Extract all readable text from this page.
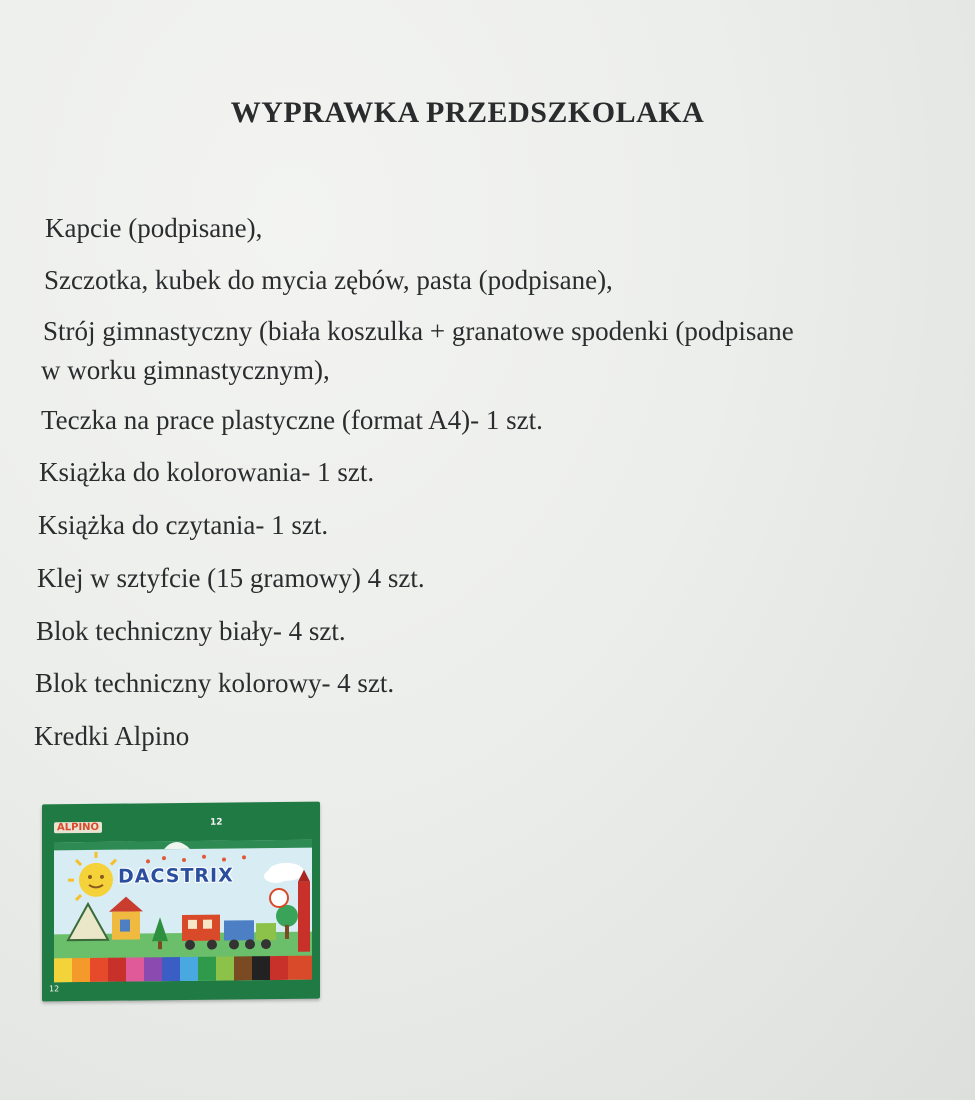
WYPRAWKA PRZEDSZKOLAKA
Kapcie (podpisane),
Szczotka, kubek do mycia zębów, pasta (podpisane),
Strój gimnastyczny (biała koszulka + granatowe spodenki (podpisane
w worku gimnastycznym),
Teczka na prace plastyczne (format A4)- 1 szt.
Książka do kolorowania- 1 szt.
Książka do czytania- 1 szt.
Klej w sztyfcie (15 gramowy) 4 szt.
Blok techniczny biały- 4 szt.
Blok techniczny kolorowy- 4 szt.
Kredki Alpino
ALPINO	12
DACSTRIX
12
